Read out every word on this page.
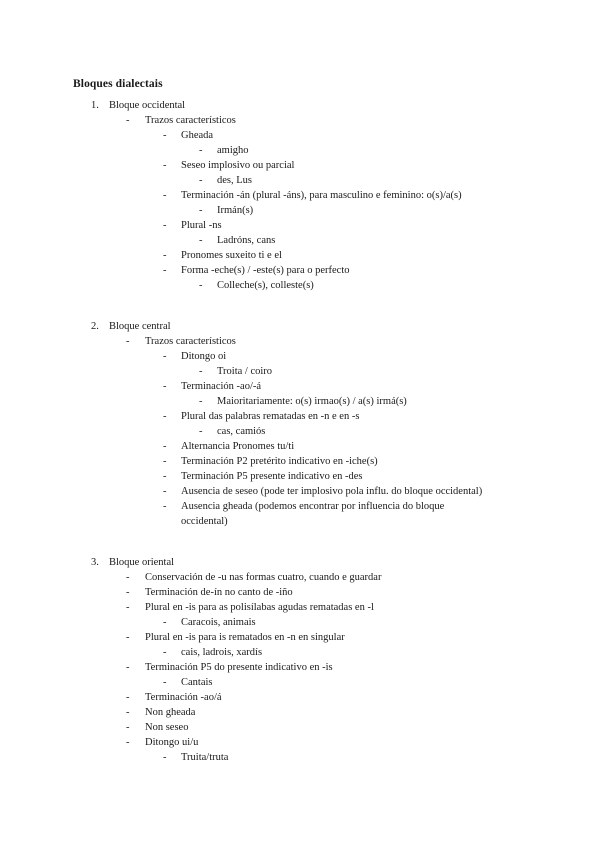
Bloques dialectais
1. Bloque occidental
- Trazos característicos
- Gheada
- amigho
- Seseo implosivo ou parcial
- des, Lus
- Terminación -án (plural -áns), para masculino e feminino: o(s)/a(s)
- Irmán(s)
- Plural -ns
- Ladróns, cans
- Pronomes suxeito ti e el
- Forma -eche(s) / -este(s) para o perfecto
- Colleche(s), colleste(s)
2. Bloque central
- Trazos característicos
- Ditongo oi
- Troita / coiro
- Terminación -ao/-á
- Maioritariamente: o(s) irmao(s) / a(s) irmá(s)
- Plural das palabras rematadas en -n e en -s
- cas, camiós
- Alternancia Pronomes tu/ti
- Terminación P2 pretérito indicativo en -iche(s)
- Terminación P5 presente indicativo en -des
- Ausencia de seseo (pode ter implosivo pola influ. do bloque occidental)
- Ausencia gheada (podemos encontrar por influencia do bloque
occidental)
3. Bloque oriental
- Conservación de -u nas formas cuatro, cuando e guardar
- Terminación de-ín no canto de -iño
- Plural en -is para as polisílabas agudas rematadas en -l
- Caracois, animais
- Plural en -is para is rematados en -n en singular
- cais, ladrois, xardís
- Terminación P5 do presente indicativo en -is
- Cantais
- Terminación -ao/á
- Non gheada
- Non seseo
- Ditongo ui/u
- Truita/truta
